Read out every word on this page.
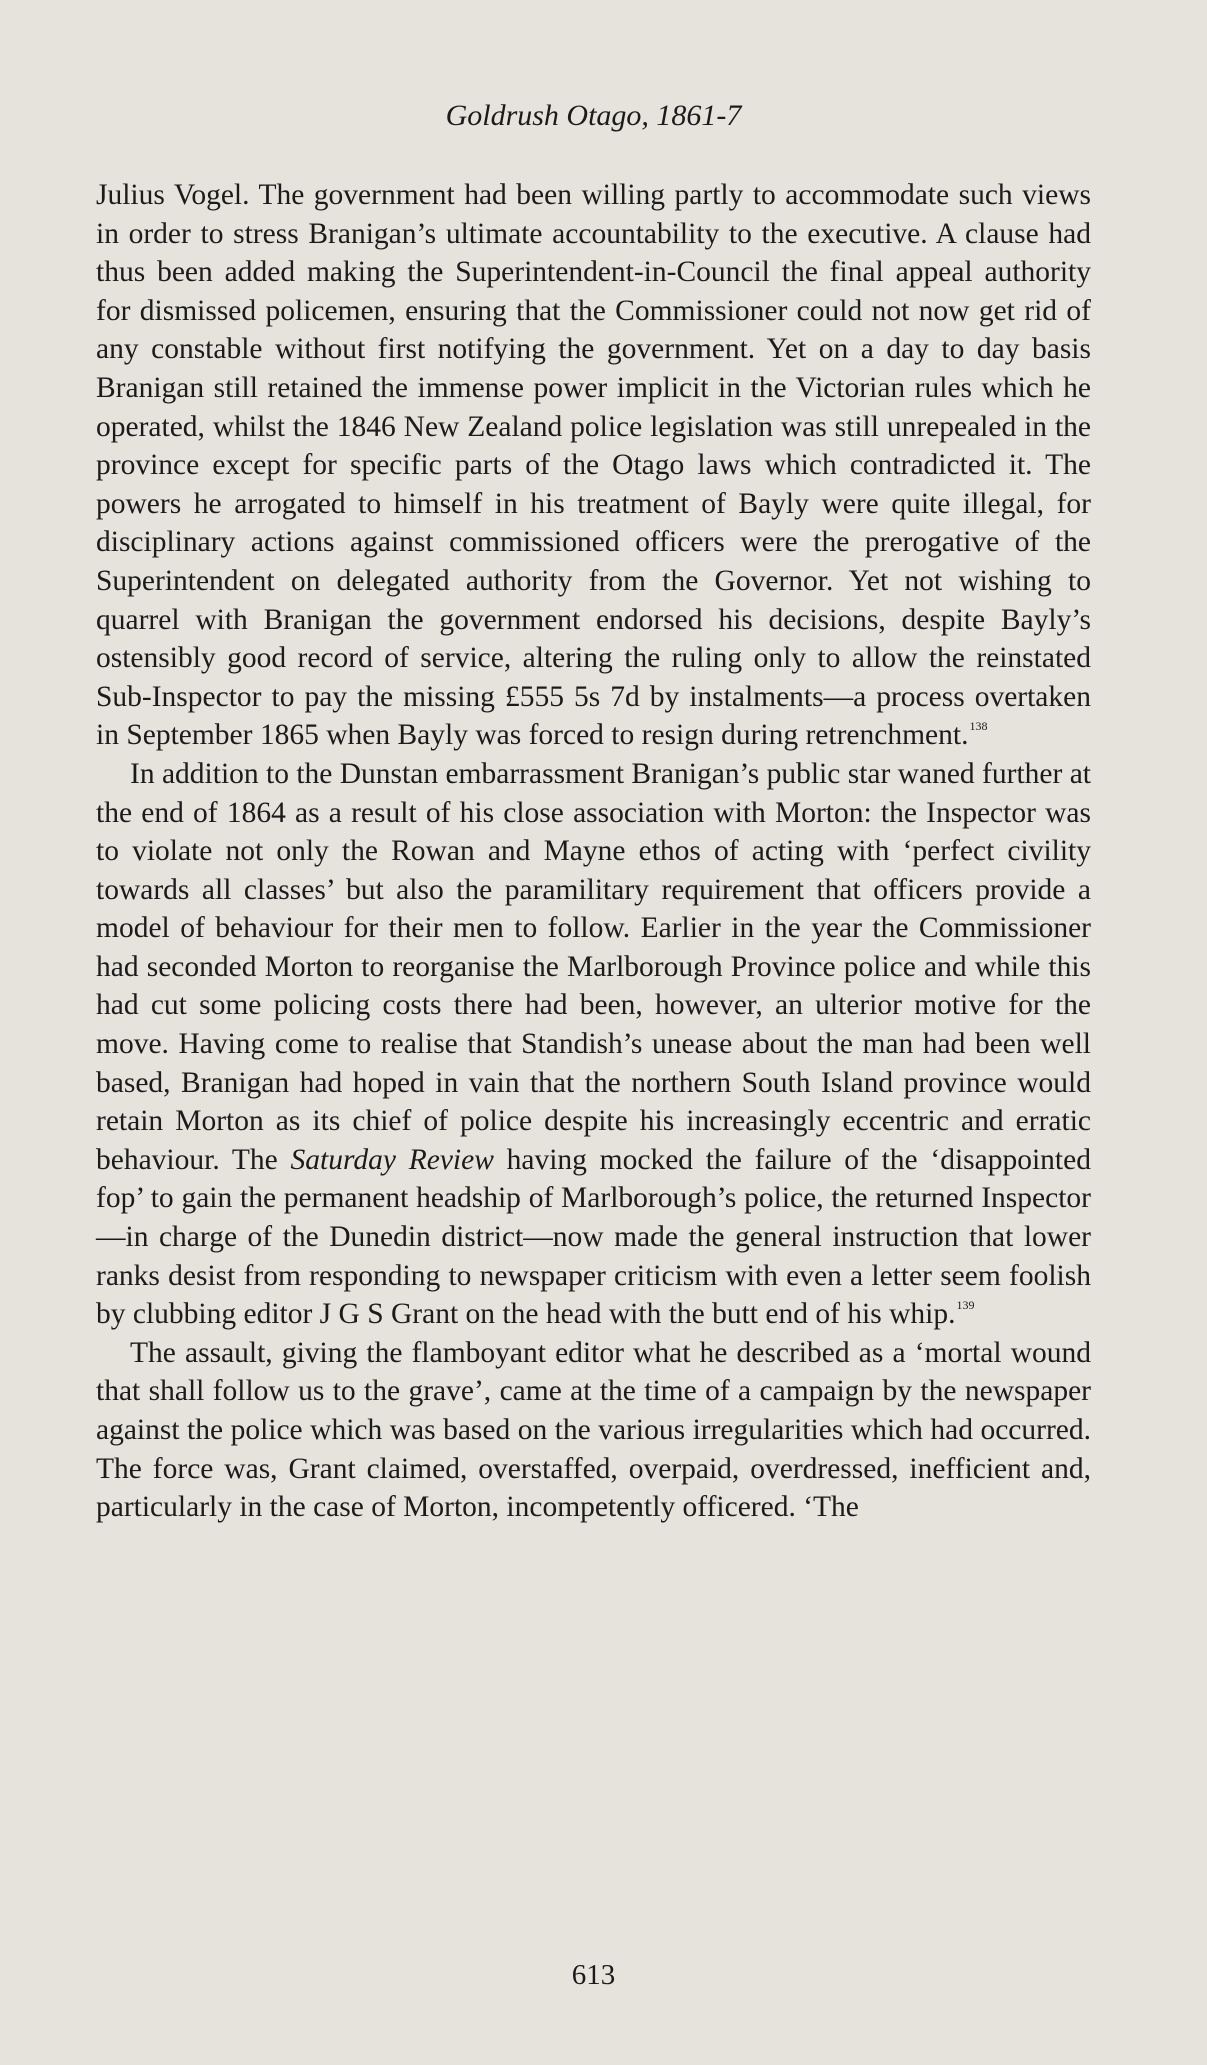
Goldrush Otago, 1861-7

Julius Vogel. The government had been willing partly to accommodate such views in order to stress Branigan’s ultimate accountability to the executive. A clause had thus been added making the Superintendent-in-Council the final appeal authority for dismissed policemen, ensuring that the Commissioner could not now get rid of any constable without first notifying the government. Yet on a day to day basis Branigan still retained the immense power implicit in the Victorian rules which he operated, whilst the 1846 New Zealand police legislation was still unrepealed in the province except for specific parts of the Otago laws which contradicted it. The powers he arrogated to himself in his treatment of Bayly were quite illegal, for disciplinary actions against commissioned officers were the prerogative of the Superintendent on delegated authority from the Governor. Yet not wishing to quarrel with Branigan the government endorsed his decisions, despite Bayly’s ostensibly good record of service, altering the ruling only to allow the reinstated Sub-Inspector to pay the missing £555 5s 7d by instalments—a process overtaken in September 1865 when Bayly was forced to resign during retrenchment.$^{138}$

In addition to the Dunstan embarrassment Branigan’s public star waned further at the end of 1864 as a result of his close association with Morton: the Inspector was to violate not only the Rowan and Mayne ethos of acting with ‘perfect civility towards all classes’ but also the paramilitary requirement that officers provide a model of behaviour for their men to follow. Earlier in the year the Commissioner had seconded Morton to reorganise the Marlborough Province police and while this had cut some policing costs there had been, however, an ulterior motive for the move. Having come to realise that Standish’s unease about the man had been well based, Branigan had hoped in vain that the northern South Island province would retain Morton as its chief of police despite his increasingly eccentric and erratic behaviour. The Saturday Review having mocked the failure of the ‘disappointed fop’ to gain the permanent headship of Marlborough’s police, the returned Inspector—in charge of the Dunedin district—now made the general instruction that lower ranks desist from responding to newspaper criticism with even a letter seem foolish by clubbing editor J G S Grant on the head with the butt end of his whip.$^{139}$

The assault, giving the flamboyant editor what he described as a ‘mortal wound that shall follow us to the grave’, came at the time of a campaign by the newspaper against the police which was based on the various irregularities which had occurred. The force was, Grant claimed, overstaffed, overpaid, overdressed, inefficient and, particularly in the case of Morton, incompetently officered. ‘The

613
